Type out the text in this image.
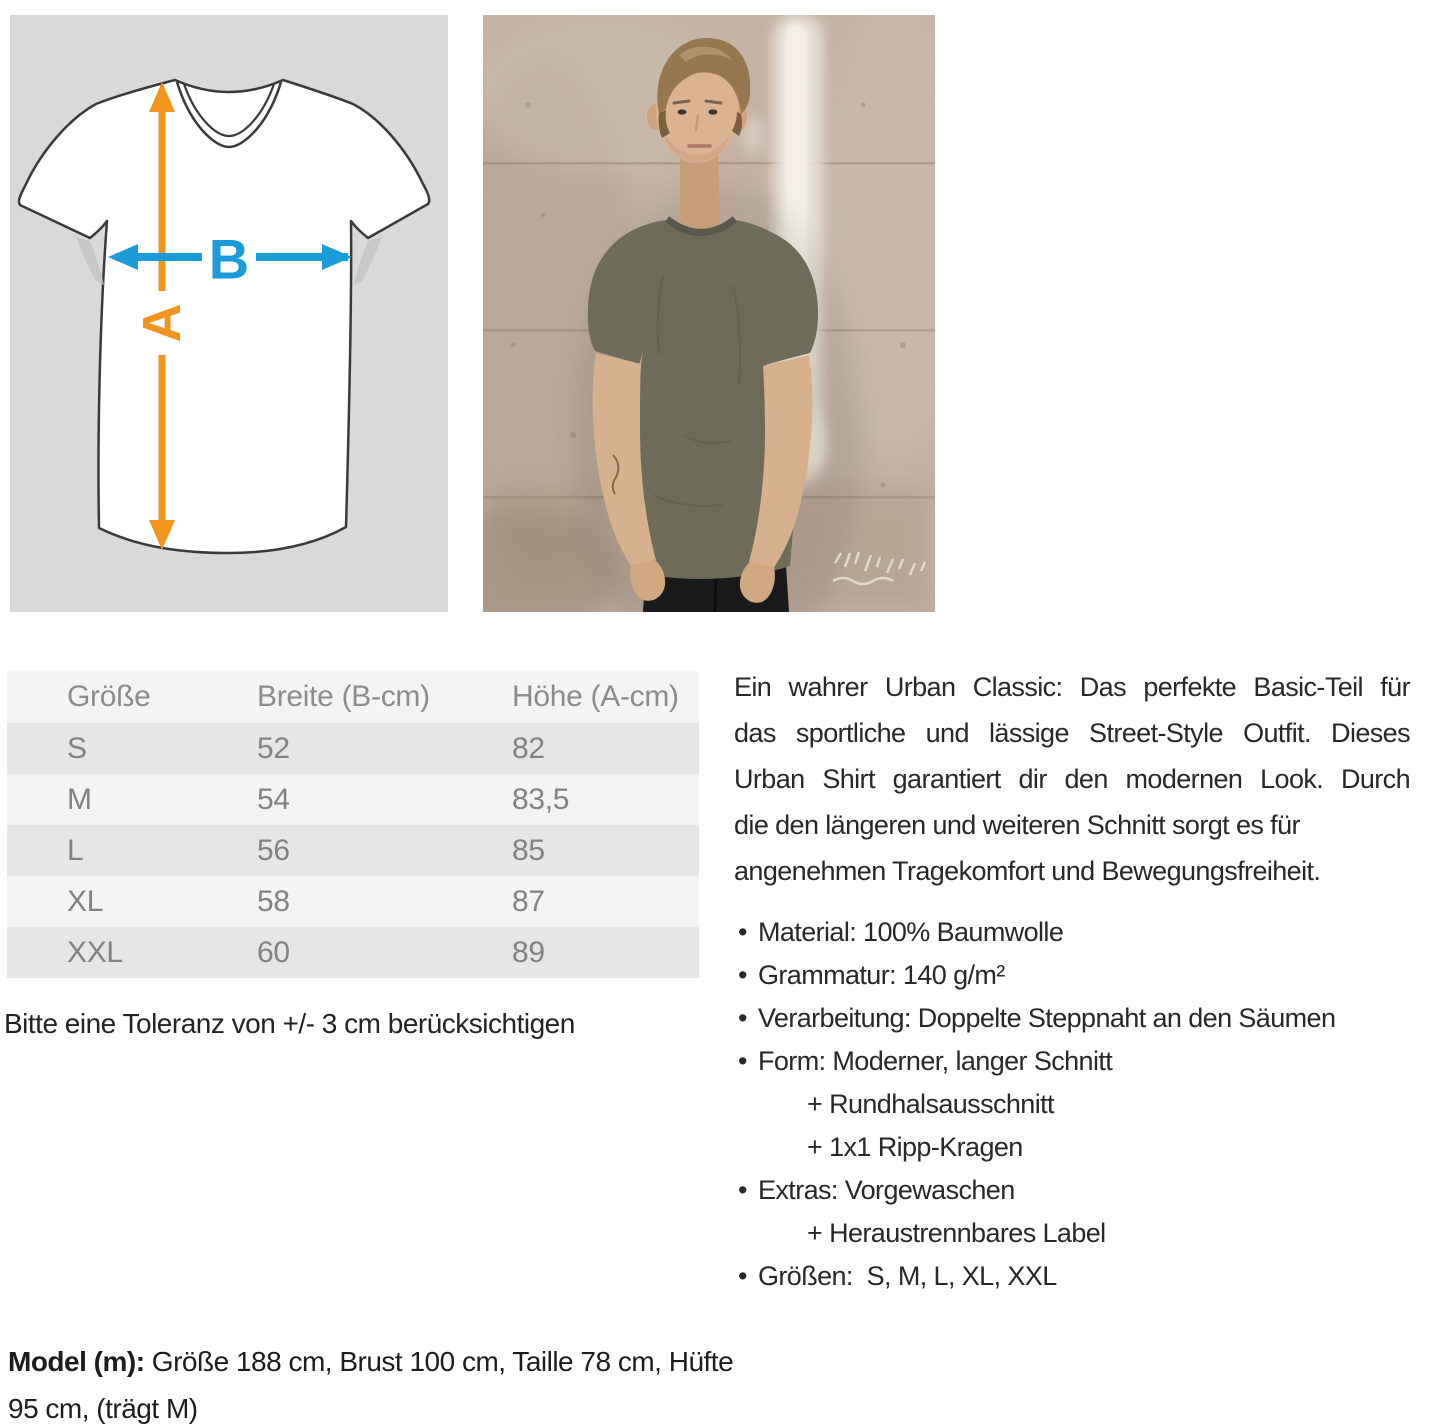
A
B
Größe	Breite (B-cm)	Höhe (A-cm)
S	52	82
M	54	83,5
L	56	85
XL	58	87
XXL	60	89
Bitte eine Toleranz von +/- 3 cm berücksichtigen
Ein wahrer Urban Classic: Das perfekte Basic-Teil für
das sportliche und lässige Street-Style Outfit. Dieses
Urban Shirt garantiert dir den modernen Look. Durch
die den längeren und weiteren Schnitt sorgt es für
angenehmen Tragekomfort und Bewegungsfreiheit.
• Material: 100% Baumwolle
• Grammatur: 140 g/m²
• Verarbeitung: Doppelte Steppnaht an den Säumen
• Form: Moderner, langer Schnitt
+ Rundhalsausschnitt
+ 1x1 Ripp-Kragen
• Extras: Vorgewaschen
+ Heraustrennbares Label
• Größen:  S, M, L, XL, XXL
Model (m): Größe 188 cm, Brust 100 cm, Taille 78 cm, Hüfte 95 cm, (trägt M)
